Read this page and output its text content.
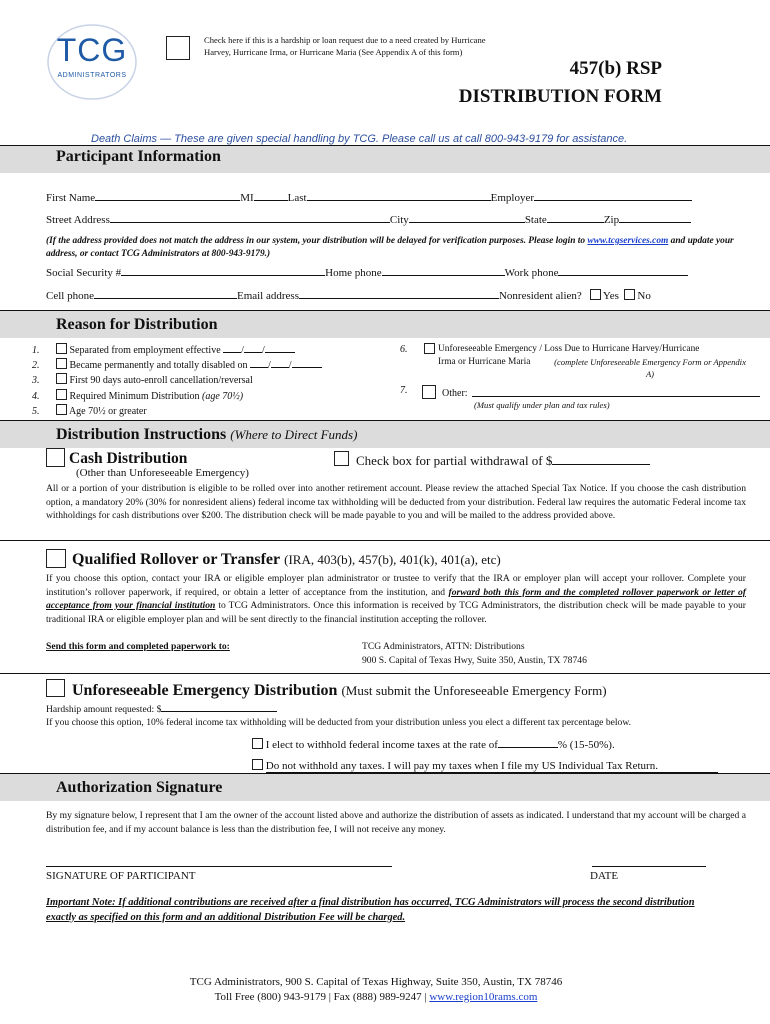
TCG
ADMINISTRATORS
Check here if this is a hardship or loan request due to a need created by Hurricane Harvey, Hurricane Irma, or Hurricane Maria (See Appendix A of this form)
457(b) RSP
DISTRIBUTION FORM
Death Claims — These are given special handling by TCG. Please call us at call 800-943-9179 for assistance.
Participant Information
First Name	MI	Last	Employer
Street Address	City	State	Zip
(If the address provided does not match the address in our system, your distribution will be delayed for verification purposes. Please login to www.tcgservices.com and update your address, or contact TCG Administrators at 800-943-9179.)
Social Security #	Home phone	Work phone
Cell phone	Email address	Nonresident alien? Yes No
Reason for Distribution
1.	Separated from employment effective / /
2.	Became permanently and totally disabled on / /
3.	First 90 days auto-enroll cancellation/reversal
4.	Required Minimum Distribution (age 70½)
5.	Age 70½ or greater
6.	Unforeseeable Emergency / Loss Due to Hurricane Harvey/Hurricane
Irma or Hurricane Maria	(complete Unforeseeable Emergency Form or Appendix A)
7.	Other:
(Must qualify under plan and tax rules)
Distribution Instructions (Where to Direct Funds)
Cash Distribution
(Other than Unforeseeable Emergency)
Check box for partial withdrawal of $
All or a portion of your distribution is eligible to be rolled over into another retirement account. Please review the attached Special Tax Notice. If you choose the cash distribution option, a mandatory 20% (30% for nonresident aliens) federal income tax withholding will be deducted from your distribution. Federal law requires the automatic Federal income tax withholdings for cash distributions over $200. The distribution check will be made payable to you and will be mailed to the address provided above.
Qualified Rollover or Transfer (IRA, 403(b), 457(b), 401(k), 401(a), etc)
If you choose this option, contact your IRA or eligible employer plan administrator or trustee to verify that the IRA or employer plan will accept your rollover. Complete your institution’s rollover paperwork, if required, or obtain a letter of acceptance from the institution, and forward both this form and the completed rollover paperwork or letter of acceptance from your financial institution to TCG Administrators. Once this information is received by TCG Administrators, the distribution check will be made payable to your traditional IRA or eligible employer plan and will be sent directly to the financial institution accepting the rollover.
Send this form and completed paperwork to:	TCG Administrators, ATTN: Distributions
900 S. Capital of Texas Hwy, Suite 350, Austin, TX 78746
Unforeseeable Emergency Distribution (Must submit the Unforeseeable Emergency Form)
Hardship amount requested: $
If you choose this option, 10% federal income tax withholding will be deducted from your distribution unless you elect a different tax percentage below.
I elect to withhold federal income taxes at the rate of	% (15-50%).
Do not withhold any taxes. I will pay my taxes when I file my US Individual Tax Return.
Authorization Signature
By my signature below, I represent that I am the owner of the account listed above and authorize the distribution of assets as indicated. I understand that my account will be charged a distribution fee, and if my account balance is less than the distribution fee, I will not receive any money.
SIGNATURE OF PARTICIPANT	DATE
Important Note: If additional contributions are received after a final distribution has occurred, TCG Administrators will process the second distribution exactly as specified on this form and an additional Distribution Fee will be charged.
TCG Administrators, 900 S. Capital of Texas Highway, Suite 350, Austin, TX 78746
Toll Free (800) 943-9179 | Fax (888) 989-9247 | www.region10rams.com
